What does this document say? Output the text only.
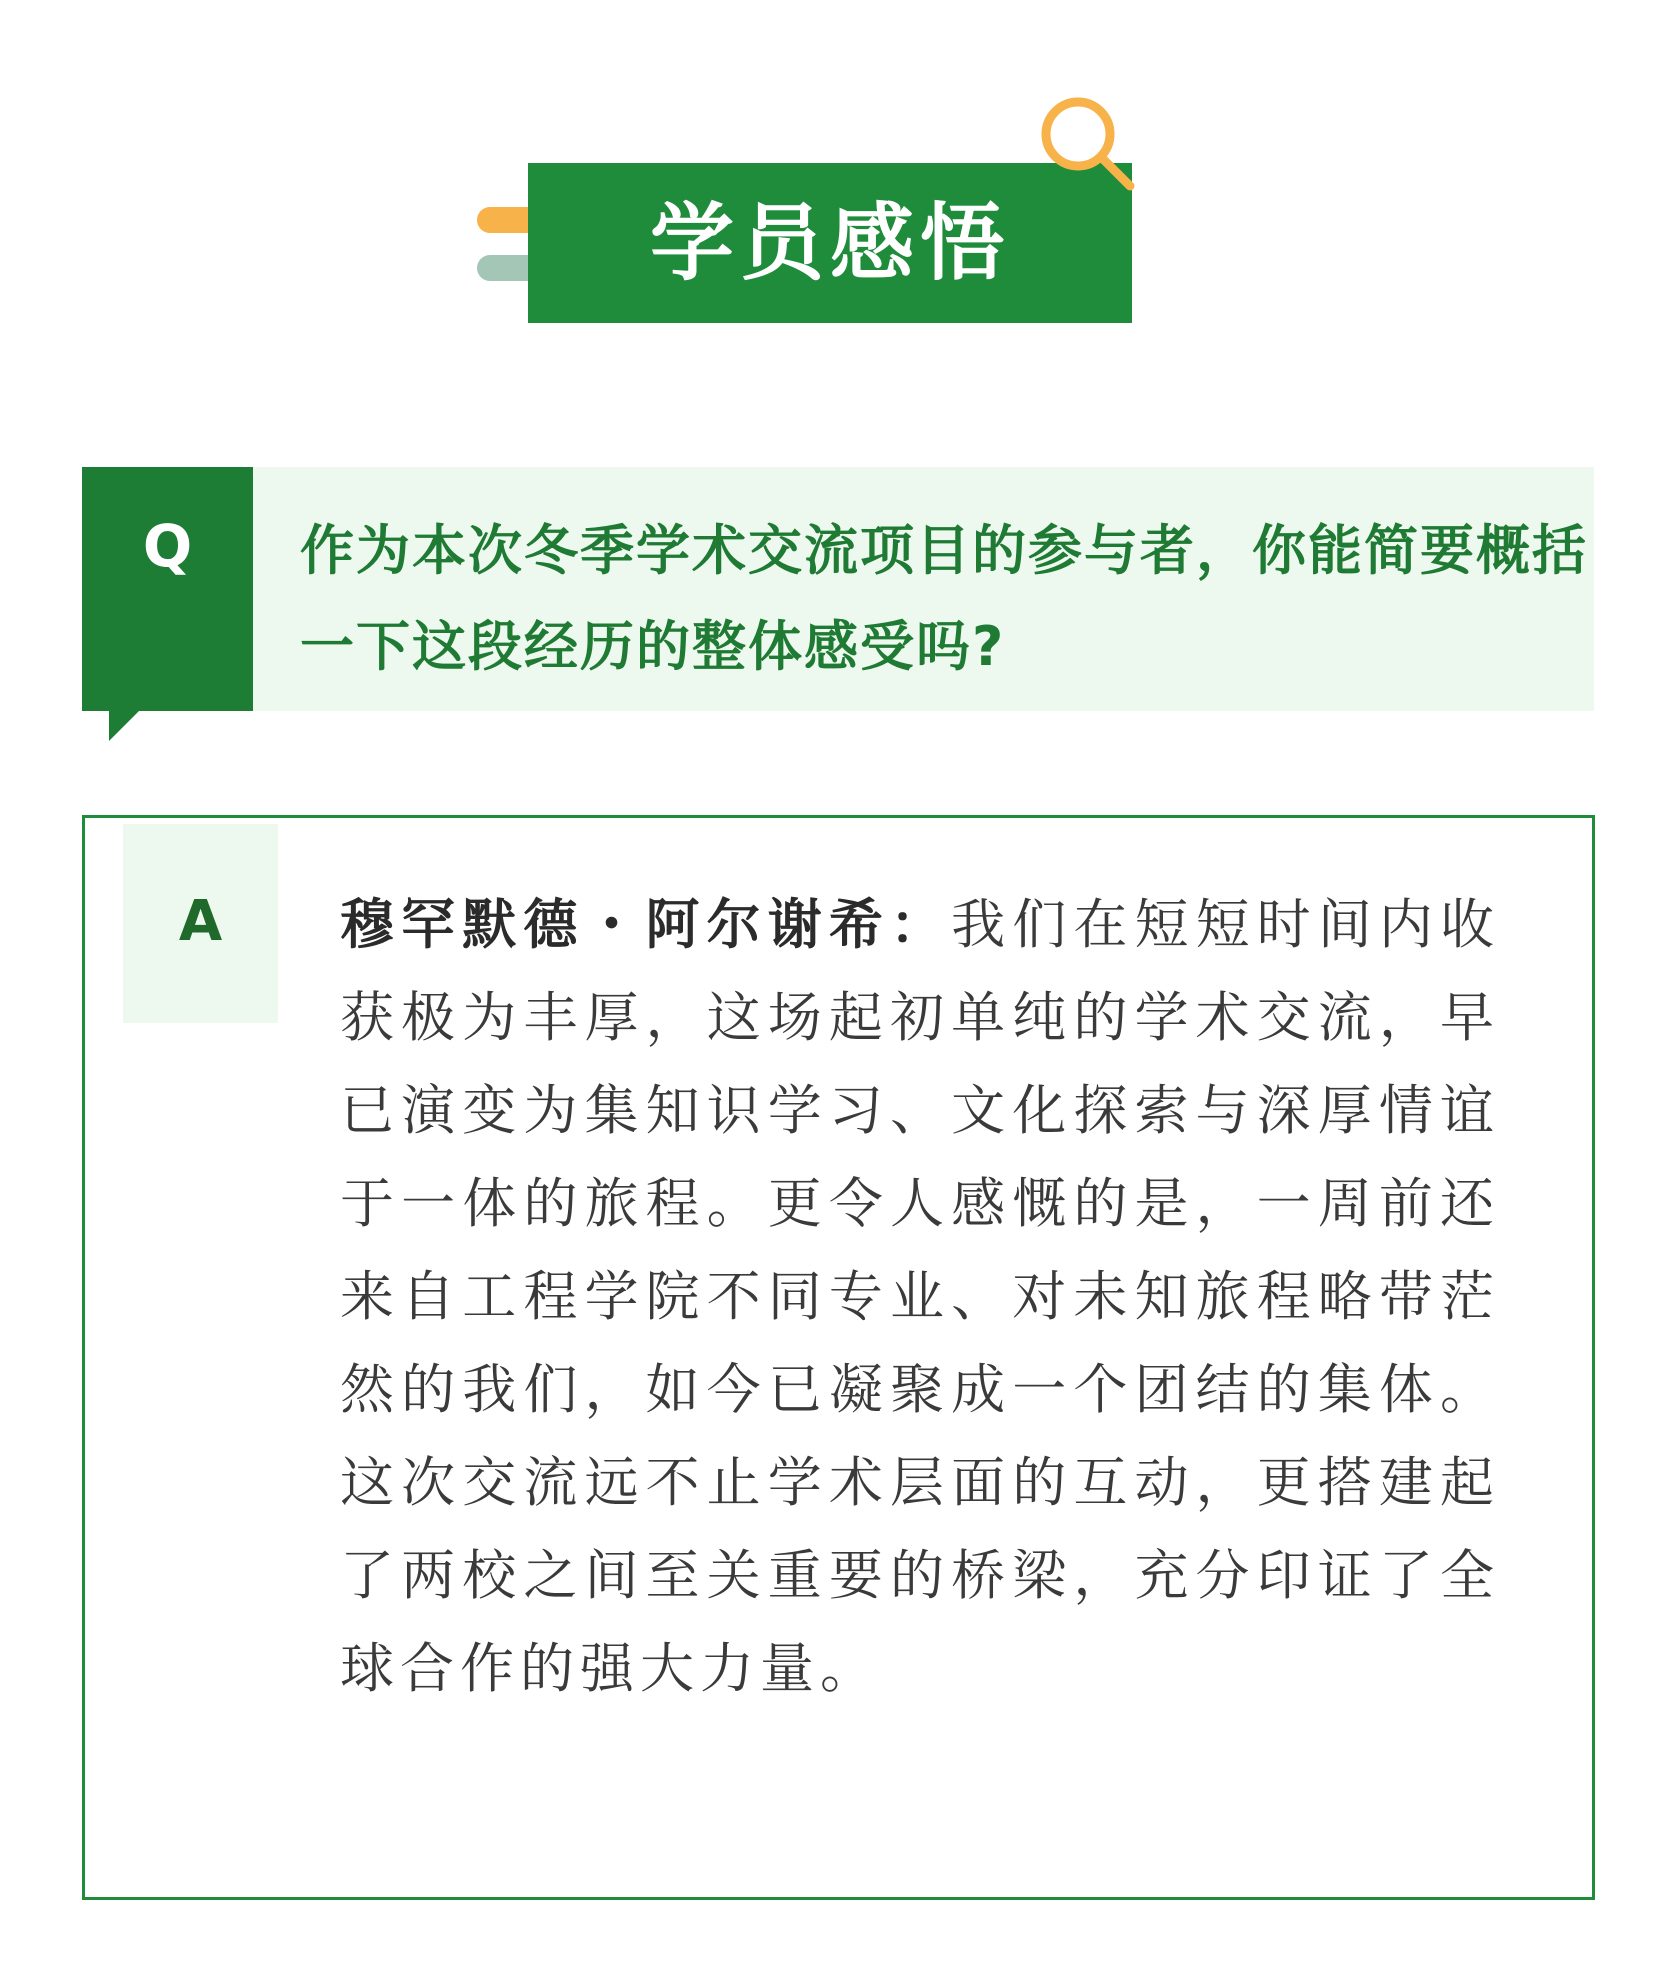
学员感悟
Q	作为本次冬季学术交流项目的参与者，你能简要概括一下这段经历的整体感受吗?
A	穆罕默德・阿尔谢希：我们在短短时间内收获极为丰厚，这场起初单纯的学术交流，早已演变为集知识学习、文化探索与深厚情谊于一体的旅程。更令人感慨的是，一周前还来自工程学院不同专业、对未知旅程略带茫然的我们，如今已凝聚成一个团结的集体。这次交流远不止学术层面的互动，更搭建起了两校之间至关重要的桥梁，充分印证了全球合作的强大力量。
